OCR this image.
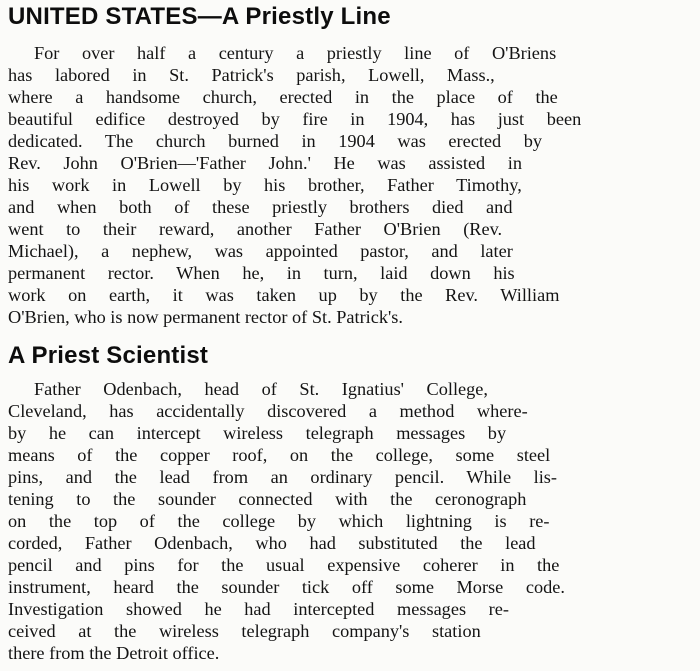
UNITED STATES—A Priestly Line
For over half a century a priestly line of O'Briens
has labored in St. Patrick's parish, Lowell, Mass.,
where a handsome church, erected in the place of the
beautiful edifice destroyed by fire in 1904, has just been
dedicated. The church burned in 1904 was erected by
Rev. John O'Brien—'Father John.' He was assisted in
his work in Lowell by his brother, Father Timothy,
and when both of these priestly brothers died and
went to their reward, another Father O'Brien (Rev.
Michael), a nephew, was appointed pastor, and later
permanent rector. When he, in turn, laid down his
work on earth, it was taken up by the Rev. William
O'Brien, who is now permanent rector of St. Patrick's.
A Priest Scientist
Father Odenbach, head of St. Ignatius' College,
Cleveland, has accidentally discovered a method where-
by he can intercept wireless telegraph messages by
means of the copper roof, on the college, some steel
pins, and the lead from an ordinary pencil. While lis-
tening to the sounder connected with the ceronograph
on the top of the college by which lightning is re-
corded, Father Odenbach, who had substituted the lead
pencil and pins for the usual expensive coherer in the
instrument, heard the sounder tick off some Morse code.
Investigation showed he had intercepted messages re-
ceived at the wireless telegraph company's station
there from the Detroit office.
